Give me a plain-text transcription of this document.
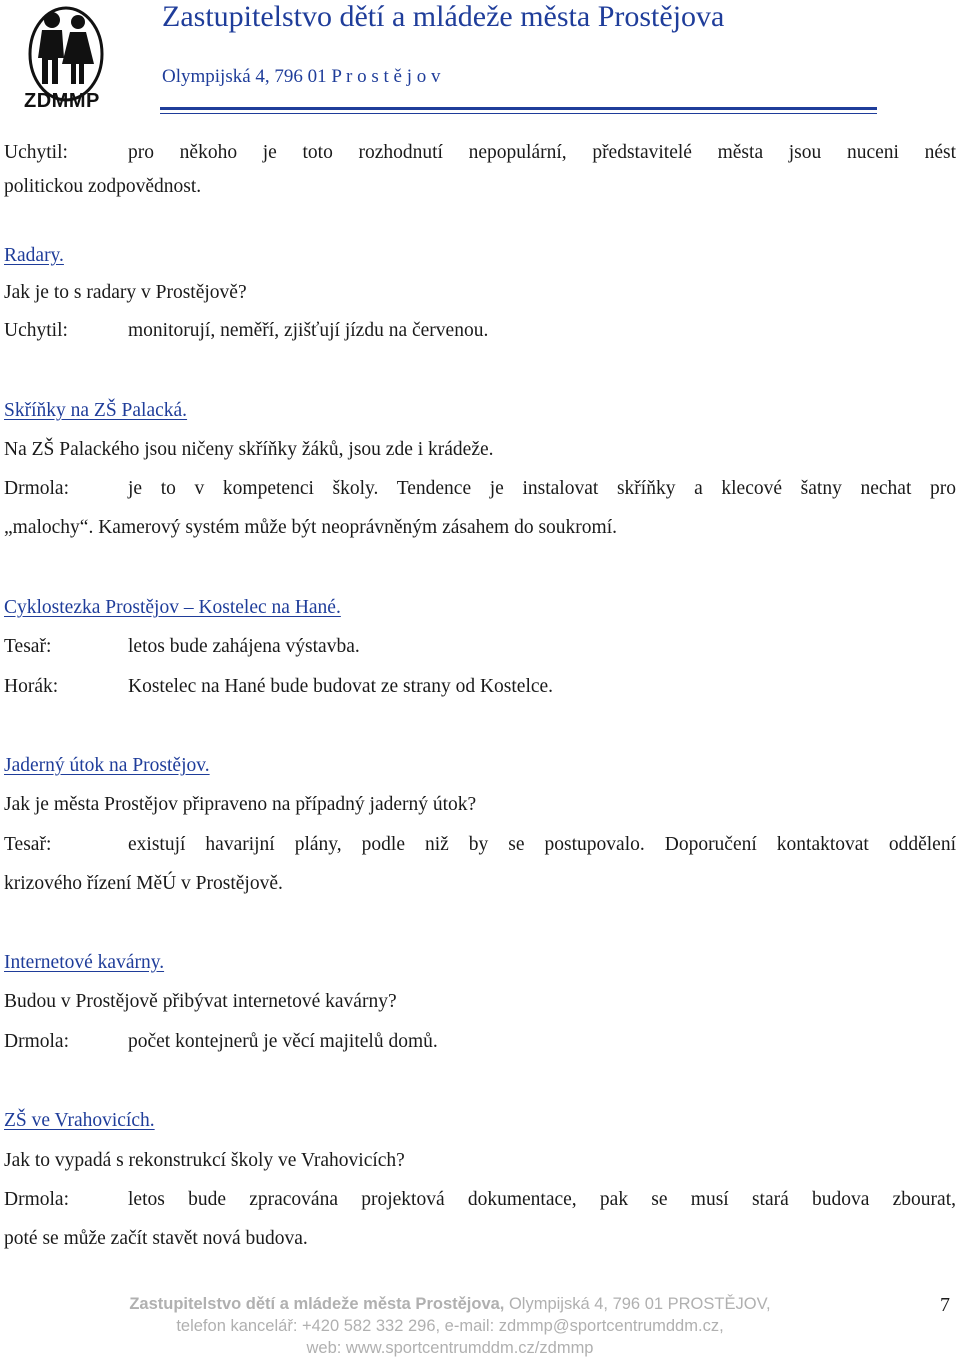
ZDMMP
Zastupitelstvo dětí a mládeže města Prostějova
Olympijská 4, 796 01 P r o s t ě j o v
Uchytil:	pro někoho je toto rozhodnutí nepopulární, představitelé města jsou nuceni nést
politickou zodpovědnost.
Radary.
Jak je to s radary v Prostějově?
Uchytil:	monitorují, neměří, zjišťují jízdu na červenou.
Skříňky na ZŠ Palacká.
Na ZŠ Palackého jsou ničeny skříňky žáků, jsou zde i krádeže.
Drmola:	je to v kompetenci školy. Tendence je instalovat skříňky a klecové šatny nechat pro
„malochy“. Kamerový systém může být neoprávněným zásahem do soukromí.
Cyklostezka Prostějov – Kostelec na Hané.
Tesař:	letos bude zahájena výstavba.
Horák:	Kostelec na Hané bude budovat ze strany od Kostelce.
Jaderný útok na Prostějov.
Jak je města Prostějov připraveno na případný jaderný útok?
Tesař:	existují havarijní plány, podle niž by se postupovalo. Doporučení kontaktovat oddělení
krizového řízení MěÚ v Prostějově.
Internetové kavárny.
Budou v Prostějově přibývat internetové kavárny?
Drmola:	počet kontejnerů je věcí majitelů domů.
ZŠ ve Vrahovicích.
Jak to vypadá s rekonstrukcí školy ve Vrahovicích?
Drmola:	letos bude zpracována projektová dokumentace, pak se musí stará budova zbourat,
poté se může začít stavět nová budova.
Zastupitelstvo dětí a mládeže města Prostějova, Olympijská 4, 796 01 PROSTĚJOV,
telefon kancelář: +420 582 332 296, e-mail: zdmmp@sportcentrumddm.cz,
web: www.sportcentrumddm.cz/zdmmp
7
